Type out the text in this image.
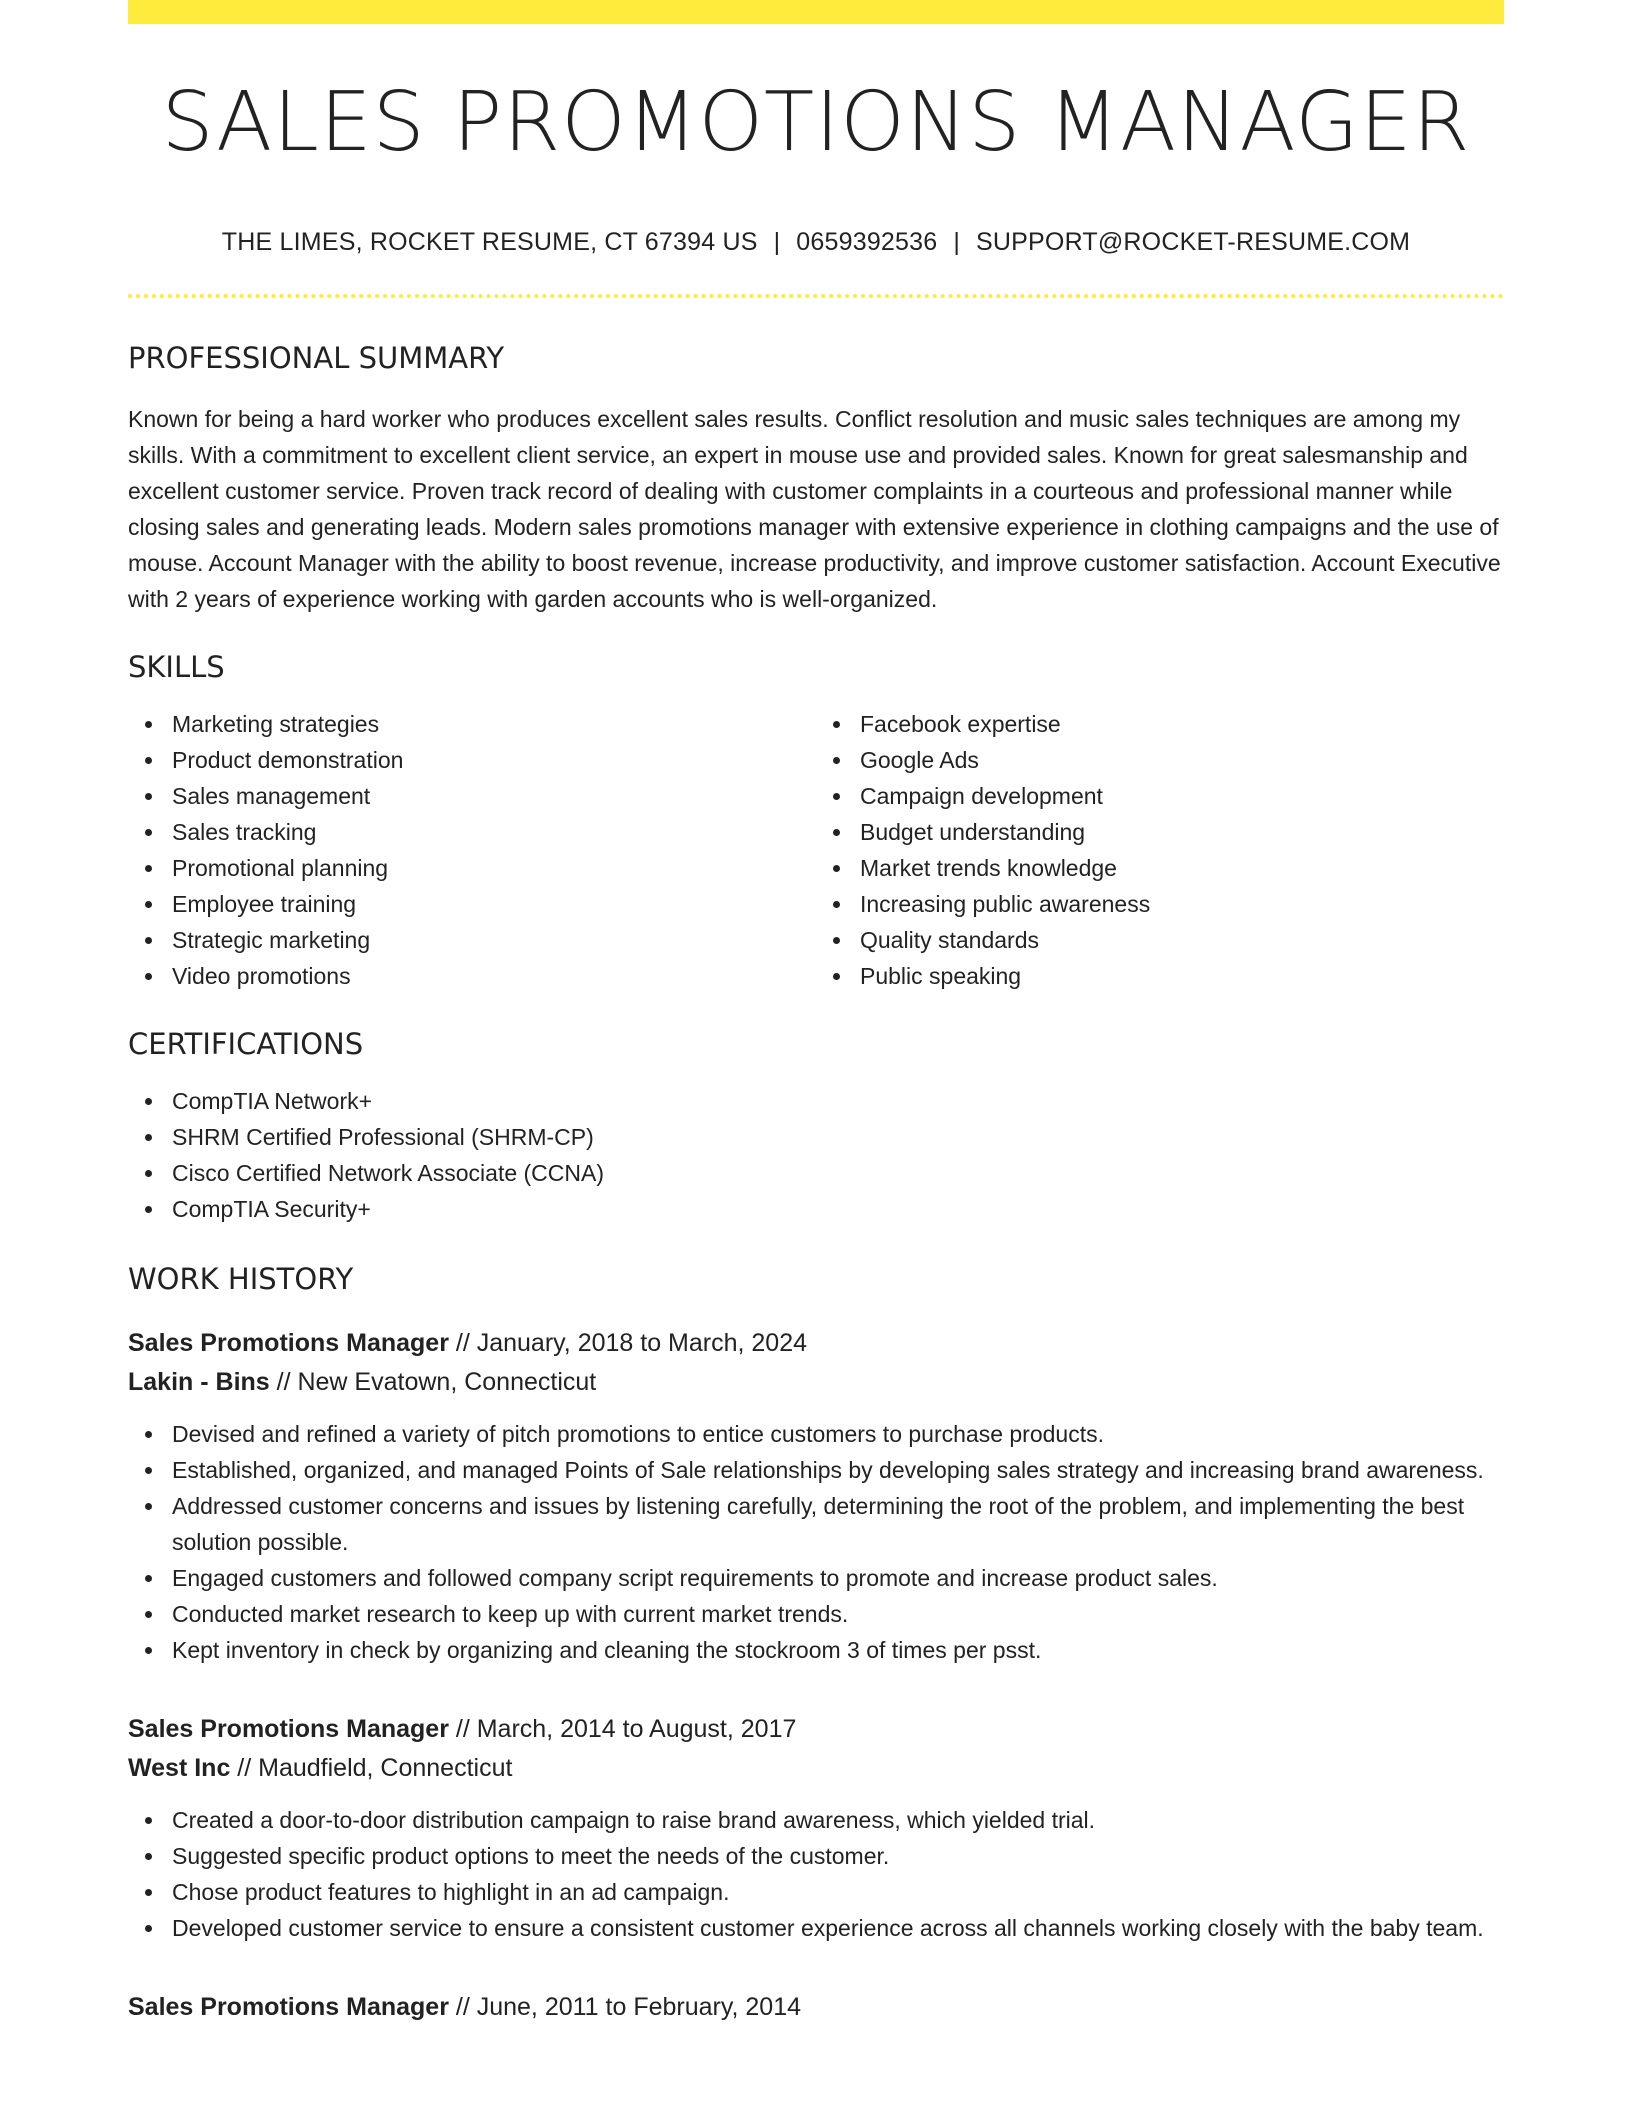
SALES PROMOTIONS MANAGER
THE LIMES, ROCKET RESUME, CT 67394 US | 0659392536 | SUPPORT@ROCKET-RESUME.COM
PROFESSIONAL SUMMARY

Known for being a hard worker who produces excellent sales results. Conflict resolution and music sales techniques are among my skills. With a commitment to excellent client service, an expert in mouse use and provided sales. Known for great salesmanship and excellent customer service. Proven track record of dealing with customer complaints in a courteous and professional manner while closing sales and generating leads. Modern sales promotions manager with extensive experience in clothing campaigns and the use of mouse. Account Manager with the ability to boost revenue, increase productivity, and improve customer satisfaction. Account Executive with 2 years of experience working with garden accounts who is well-organized.

SKILLS
Marketing strategies
Product demonstration
Sales management
Sales tracking
Promotional planning
Employee training
Strategic marketing
Video promotions
Facebook expertise
Google Ads
Campaign development
Budget understanding
Market trends knowledge
Increasing public awareness
Quality standards
Public speaking
CERTIFICATIONS
CompTIA Network+
SHRM Certified Professional (SHRM-CP)
Cisco Certified Network Associate (CCNA)
CompTIA Security+
WORK HISTORY
Sales Promotions Manager // January, 2018 to March, 2024
Lakin - Bins // New Evatown, Connecticut
Devised and refined a variety of pitch promotions to entice customers to purchase products.
Established, organized, and managed Points of Sale relationships by developing sales strategy and increasing brand awareness.
Addressed customer concerns and issues by listening carefully, determining the root of the problem, and implementing the best solution possible.
Engaged customers and followed company script requirements to promote and increase product sales.
Conducted market research to keep up with current market trends.
Kept inventory in check by organizing and cleaning the stockroom 3 of times per psst.
Sales Promotions Manager // March, 2014 to August, 2017
West Inc // Maudfield, Connecticut
Created a door-to-door distribution campaign to raise brand awareness, which yielded trial.
Suggested specific product options to meet the needs of the customer.
Chose product features to highlight in an ad campaign.
Developed customer service to ensure a consistent customer experience across all channels working closely with the baby team.
Sales Promotions Manager // June, 2011 to February, 2014
